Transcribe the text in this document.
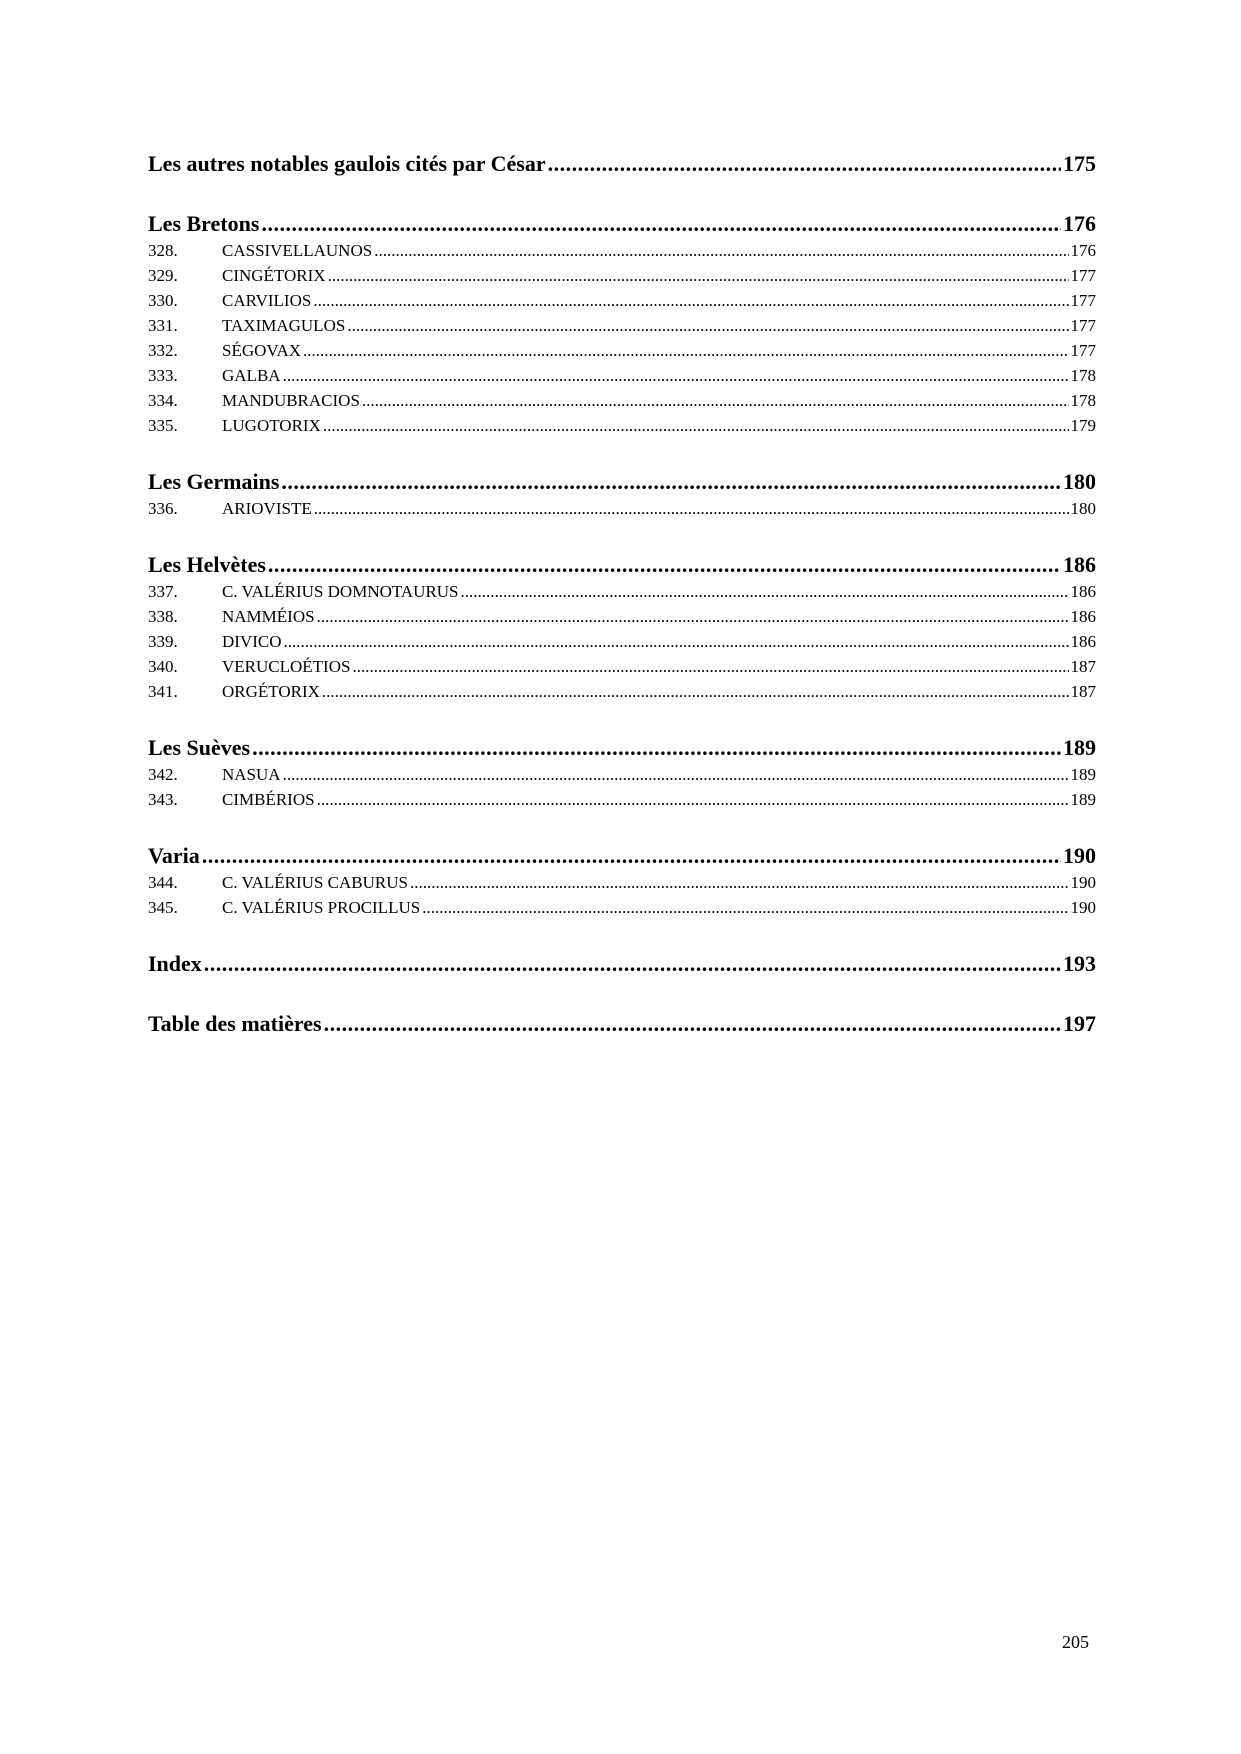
Les autres notables gaulois cités par César .....	175
Les Bretons .....	176
328.	CASSIVELLAUNOS .....	176
329.	CINGÉTORIX .....	177
330.	CARVILIOS .....	177
331.	TAXIMAGULOS .....	177
332.	SÉGOVAX .....	177
333.	GALBA .....	178
334.	MANDUBRACIOS .....	178
335.	LUGOTORIX .....	179
Les Germains .....	180
336.	ARIOVISTE .....	180
Les Helvètes .....	186
337.	C. VALÉRIUS DOMNOTAURUS .....	186
338.	NAMMÉIOS .....	186
339.	DIVICO .....	186
340.	VERUCLOÉTIOS .....	187
341.	ORGÉTORIX .....	187
Les Suèves .....	189
342.	NASUA .....	189
343.	CIMBÉRIOS .....	189
Varia .....	190
344.	C. VALÉRIUS CABURUS .....	190
345.	C. VALÉRIUS PROCILLUS .....	190
Index .....	193
Table des matières .....	197
205
